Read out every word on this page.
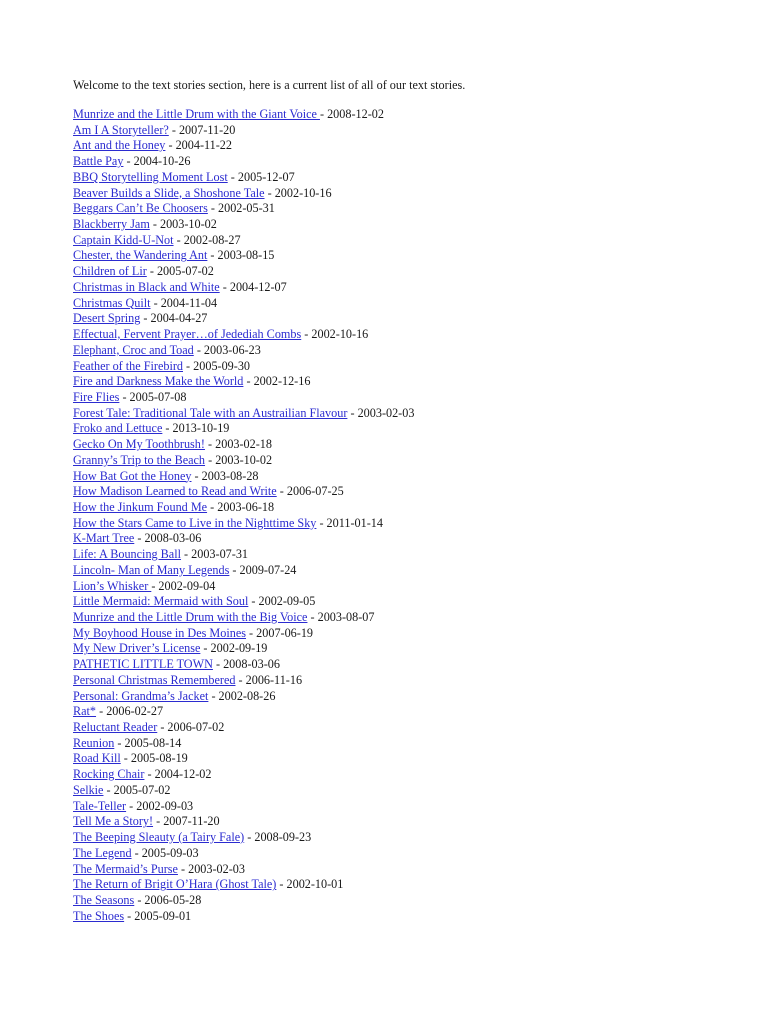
Welcome to the text stories section, here is a current list of all of our text stories.

Munrize and the Little Drum with the Giant Voice - 2008-12-02
Am I A Storyteller? - 2007-11-20
Ant and the Honey - 2004-11-22
Battle Pay - 2004-10-26
BBQ Storytelling Moment Lost - 2005-12-07
Beaver Builds a Slide, a Shoshone Tale - 2002-10-16
Beggars Can’t Be Choosers - 2002-05-31
Blackberry Jam - 2003-10-02
Captain Kidd-U-Not - 2002-08-27
Chester, the Wandering Ant - 2003-08-15
Children of Lir - 2005-07-02
Christmas in Black and White - 2004-12-07
Christmas Quilt - 2004-11-04
Desert Spring - 2004-04-27
Effectual, Fervent Prayer…of Jedediah Combs - 2002-10-16
Elephant, Croc and Toad - 2003-06-23
Feather of the Firebird - 2005-09-30
Fire and Darkness Make the World - 2002-12-16
Fire Flies - 2005-07-08
Forest Tale: Traditional Tale with an Austrailian Flavour - 2003-02-03
Froko and Lettuce - 2013-10-19
Gecko On My Toothbrush! - 2003-02-18
Granny’s Trip to the Beach - 2003-10-02
How Bat Got the Honey - 2003-08-28
How Madison Learned to Read and Write - 2006-07-25
How the Jinkum Found Me - 2003-06-18
How the Stars Came to Live in the Nighttime Sky - 2011-01-14
K-Mart Tree - 2008-03-06
Life: A Bouncing Ball - 2003-07-31
Lincoln- Man of Many Legends - 2009-07-24
Lion’s Whisker - 2002-09-04
Little Mermaid: Mermaid with Soul - 2002-09-05
Munrize and the Little Drum with the Big Voice - 2003-08-07
My Boyhood House in Des Moines - 2007-06-19
My New Driver’s License - 2002-09-19
PATHETIC LITTLE TOWN - 2008-03-06
Personal Christmas Remembered - 2006-11-16
Personal: Grandma’s Jacket - 2002-08-26
Rat* - 2006-02-27
Reluctant Reader - 2006-07-02
Reunion - 2005-08-14
Road Kill - 2005-08-19
Rocking Chair - 2004-12-02
Selkie - 2005-07-02
Tale-Teller - 2002-09-03
Tell Me a Story! - 2007-11-20
The Beeping Sleauty (a Tairy Fale) - 2008-09-23
The Legend - 2005-09-03
The Mermaid’s Purse - 2003-02-03
The Return of Brigit O’Hara (Ghost Tale) - 2002-10-01
The Seasons - 2006-05-28
The Shoes - 2005-09-01
